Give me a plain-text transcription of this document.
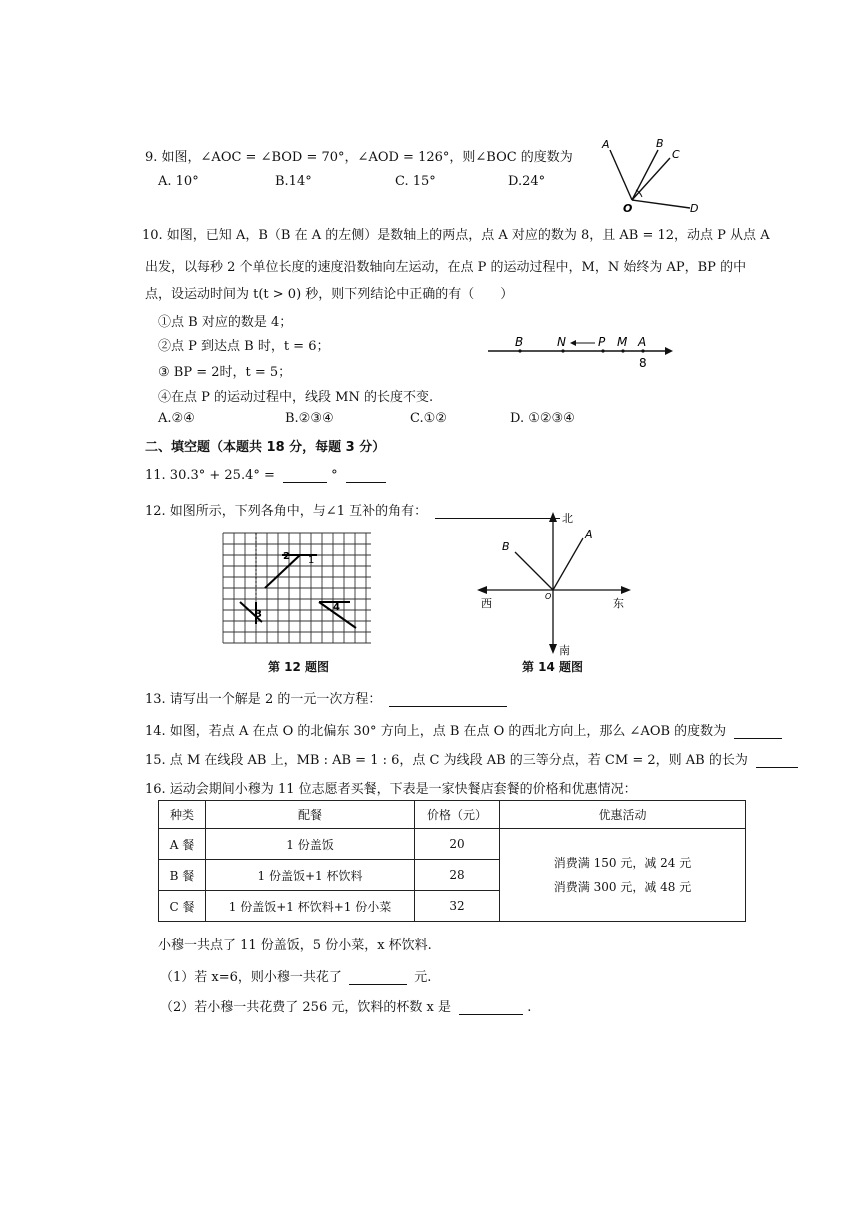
9. 如图，∠AOC = ∠BOD = 70°，∠AOD = 126°，则∠BOC 的度数为
A. 10°	B.14°	C. 15°	D.24°
A	B
C
O	D
10. 如图，已知 A，B（B 在 A 的左侧）是数轴上的两点，点 A 对应的数为 8，且 AB = 12，动点 P 从点 A
出发，以每秒 2 个单位长度的速度沿数轴向左运动，在点 P 的运动过程中，M，N 始终为 AP，BP 的中
点，设运动时间为 t(t > 0) 秒，则下列结论中正确的有（　　）
①点 B 对应的数是 4；
②点 P 到达点 B 时，t = 6；
③ BP = 2时，t = 5；
④在点 P 的运动过程中，线段 MN 的长度不变.
A.②④	B.②③④	C.①②	D. ①②③④
B	N	P M A
8
二、填空题（本题共 18 分，每题 3 分）
11. 30.3° + 25.4° =	°
12. 如图所示，下列各角中，与∠1 互补的角有：
2 1
3
4
第 12 题图
北
B
A
西
O
东
南
第 14 题图
13. 请写出一个解是 2 的一元一次方程：
14. 如图，若点 A 在点 O 的北偏东 30° 方向上，点 B 在点 O 的西北方向上，那么 ∠AOB 的度数为
15. 点 M 在线段 AB 上，MB : AB = 1 : 6，点 C 为线段 AB 的三等分点，若 CM = 2，则 AB 的长为
16. 运动会期间小穆为 11 位志愿者买餐，下表是一家快餐店套餐的价格和优惠情况：
种类	配餐	价格（元）	优惠活动
A 餐	1 份盖饭	20	消费满 150 元，减 24 元
消费满 300 元，减 48 元

B 餐	1 份盖饭+1 杯饮料	28	
C 餐	1 份盖饭+1 杯饮料+1 份小菜	32	
小穆一共点了 11 份盖饭，5 份小菜，x 杯饮料.
（1）若 x=6，则小穆一共花了	元.
（2）若小穆一共花费了 256 元，饮料的杯数 x 是	.
